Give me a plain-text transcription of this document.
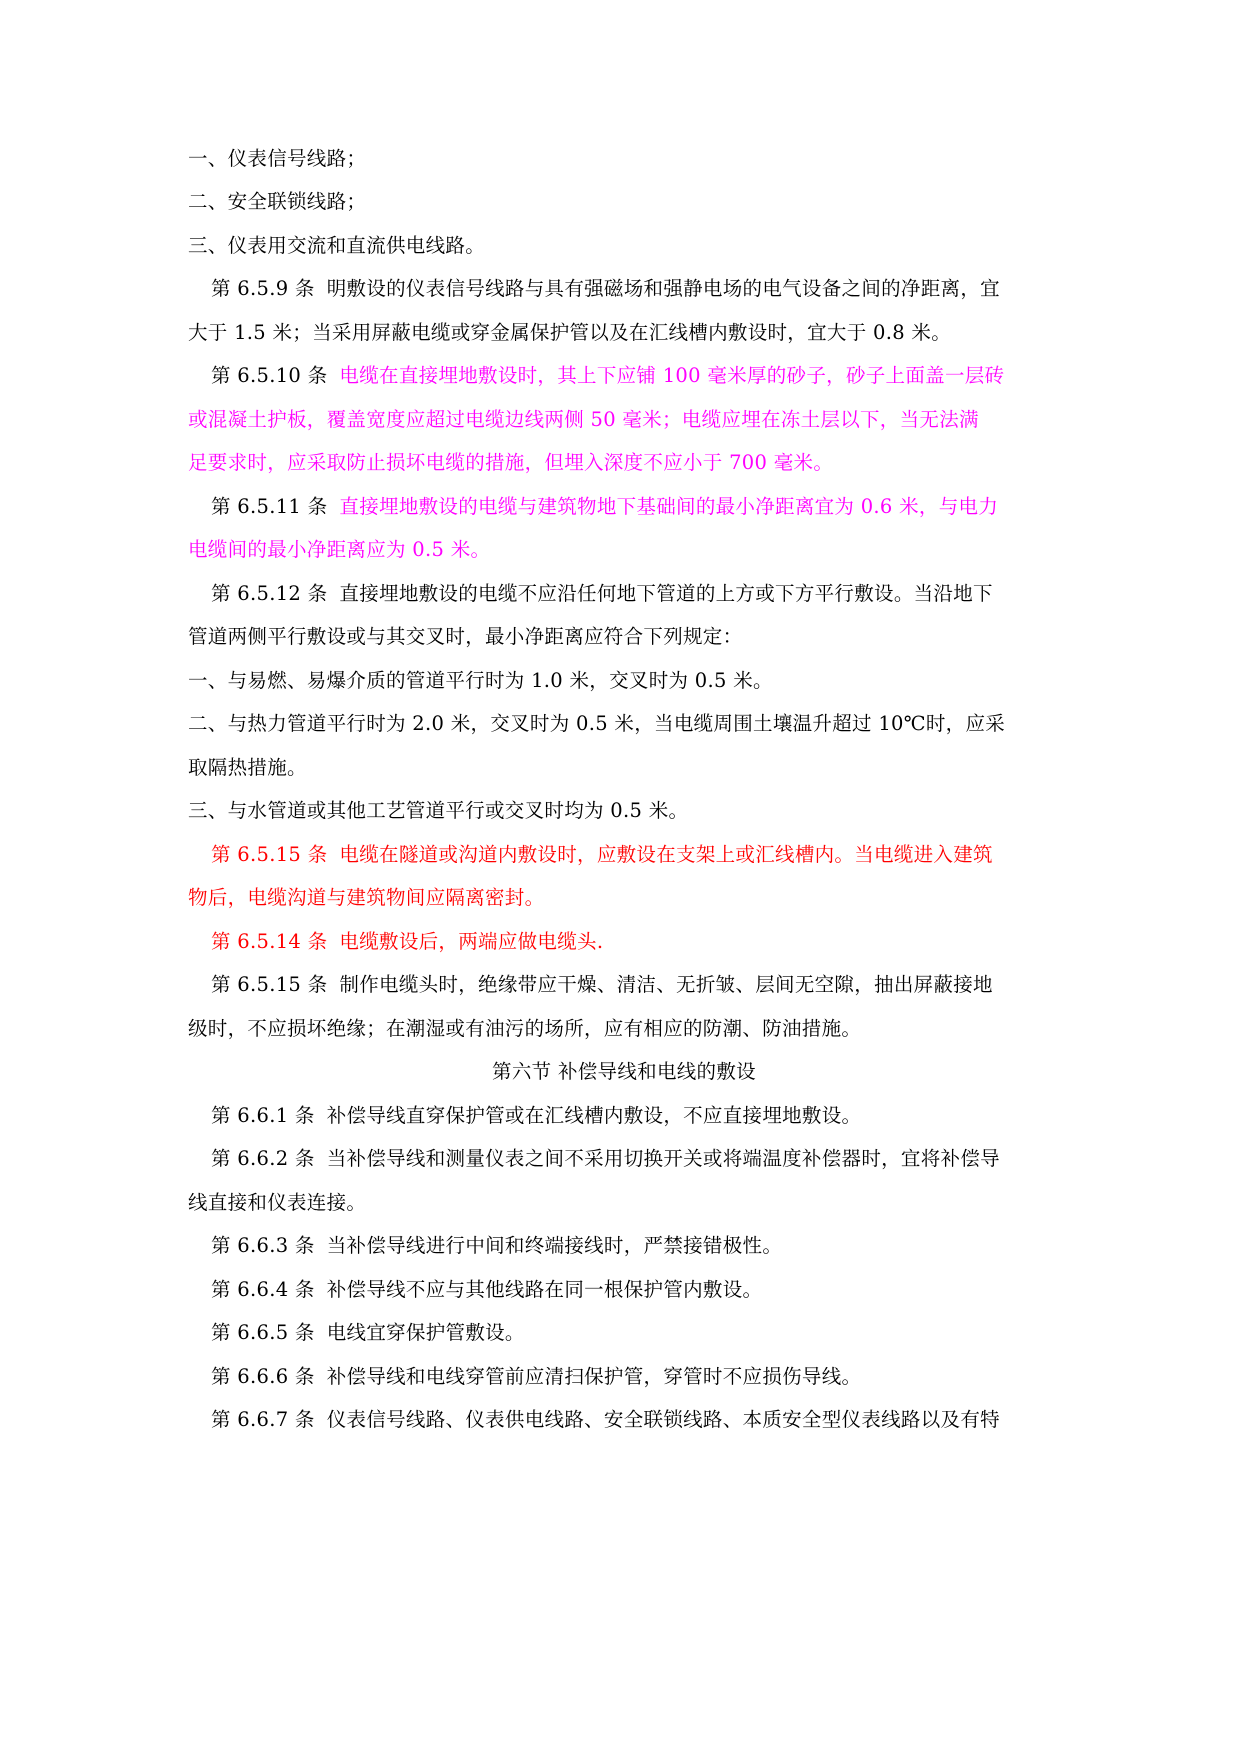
一、仪表信号线路；
二、安全联锁线路；
三、仪表用交流和直流供电线路。
第 6.5.9 条 明敷设的仪表信号线路与具有强磁场和强静电场的电气设备之间的净距离，宜
大于 1.5 米；当采用屏蔽电缆或穿金属保护管以及在汇线槽内敷设时，宜大于 0.8 米。
第 6.5.10 条 电缆在直接埋地敷设时，其上下应铺 100 毫米厚的砂子，砂子上面盖一层砖
或混凝土护板，覆盖宽度应超过电缆边线两侧 50 毫米；电缆应埋在冻土层以下，当无法满
足要求时，应采取防止损坏电缆的措施，但埋入深度不应小于 700 毫米。
第 6.5.11 条 直接埋地敷设的电缆与建筑物地下基础间的最小净距离宜为 0.6 米，与电力
电缆间的最小净距离应为 0.5 米。
第 6.5.12 条 直接埋地敷设的电缆不应沿任何地下管道的上方或下方平行敷设。当沿地下
管道两侧平行敷设或与其交叉时，最小净距离应符合下列规定：
一、与易燃、易爆介质的管道平行时为 1.0 米，交叉时为 0.5 米。
二、与热力管道平行时为 2.0 米，交叉时为 0.5 米，当电缆周围土壤温升超过 10℃时，应采
取隔热措施。
三、与水管道或其他工艺管道平行或交叉时均为 0.5 米。
第 6.5.15 条 电缆在隧道或沟道内敷设时，应敷设在支架上或汇线槽内。当电缆进入建筑
物后，电缆沟道与建筑物间应隔离密封。
第 6.5.14 条 电缆敷设后，两端应做电缆头.
第 6.5.15 条 制作电缆头时，绝缘带应干燥、清洁、无折皱、层间无空隙，抽出屏蔽接地
级时，不应损坏绝缘；在潮湿或有油污的场所，应有相应的防潮、防油措施。
第六节 补偿导线和电线的敷设
第 6.6.1 条 补偿导线直穿保护管或在汇线槽内敷设，不应直接埋地敷设。
第 6.6.2 条 当补偿导线和测量仪表之间不采用切换开关或将端温度补偿器时，宜将补偿导
线直接和仪表连接。
第 6.6.3 条 当补偿导线进行中间和终端接线时，严禁接错极性。
第 6.6.4 条 补偿导线不应与其他线路在同一根保护管内敷设。
第 6.6.5 条 电线宜穿保护管敷设。
第 6.6.6 条 补偿导线和电线穿管前应清扫保护管，穿管时不应损伤导线。
第 6.6.7 条 仪表信号线路、仪表供电线路、安全联锁线路、本质安全型仪表线路以及有特
